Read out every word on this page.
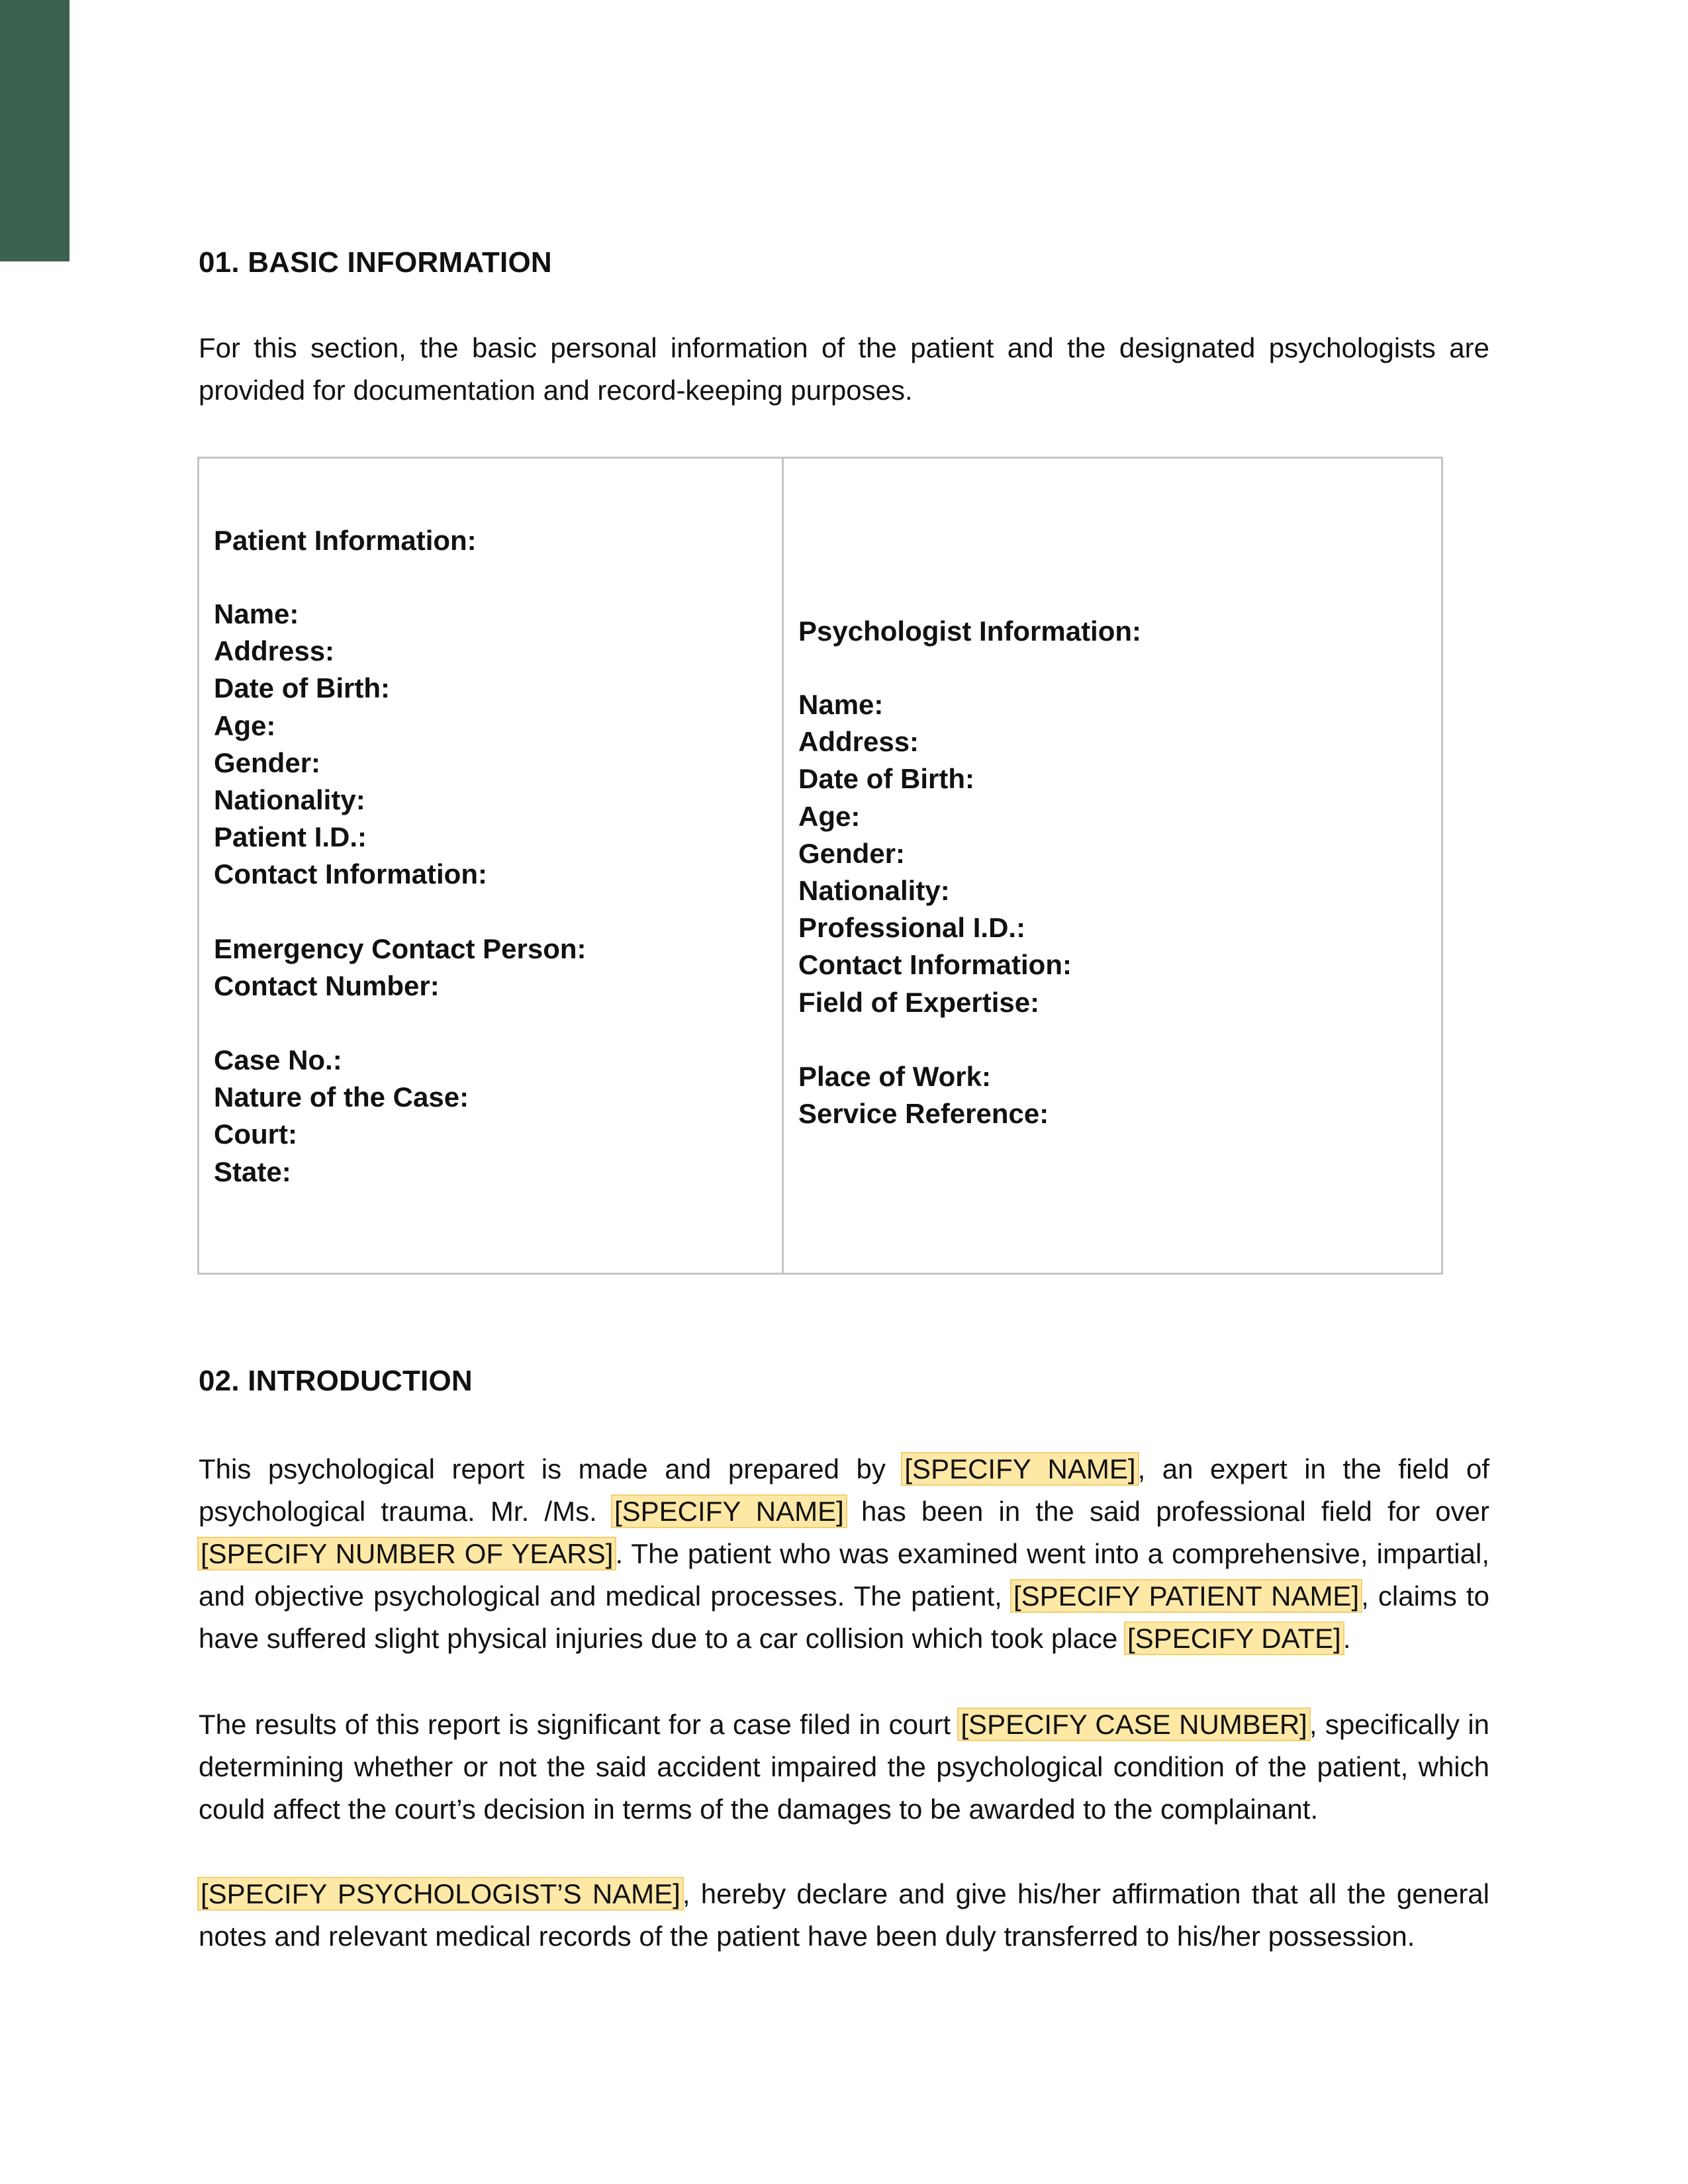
01. BASIC INFORMATION

For this section, the basic personal information of the patient and the designated psychologists are provided for documentation and record-keeping purposes.

Patient Information:
Name:
Address:
Date of Birth:
Age:
Gender:
Nationality:
Patient I.D.:
Contact Information:
Emergency Contact Person:
Contact Number:
Case No.:
Nature of the Case:
Court:
State:
Psychologist Information:
Name:
Address:
Date of Birth:
Age:
Gender:
Nationality:
Professional I.D.:
Contact Information:
Field of Expertise:
Place of Work:
Service Reference:
02. INTRODUCTION

This psychological report is made and prepared by [SPECIFY NAME], an expert in the field of psychological trauma. Mr. /Ms. [SPECIFY NAME] has been in the said professional field for over [SPECIFY NUMBER OF YEARS]. The patient who was examined went into a comprehensive, impartial, and objective psychological and medical processes. The patient, [SPECIFY PATIENT NAME], claims to have suffered slight physical injuries due to a car collision which took place [SPECIFY DATE].

The results of this report is significant for a case filed in court [SPECIFY CASE NUMBER], specifically in determining whether or not the said accident impaired the psychological condition of the patient, which could affect the court’s decision in terms of the damages to be awarded to the complainant.

[SPECIFY PSYCHOLOGIST’S NAME], hereby declare and give his/her affirmation that all the general notes and relevant medical records of the patient have been duly transferred to his/her possession.
